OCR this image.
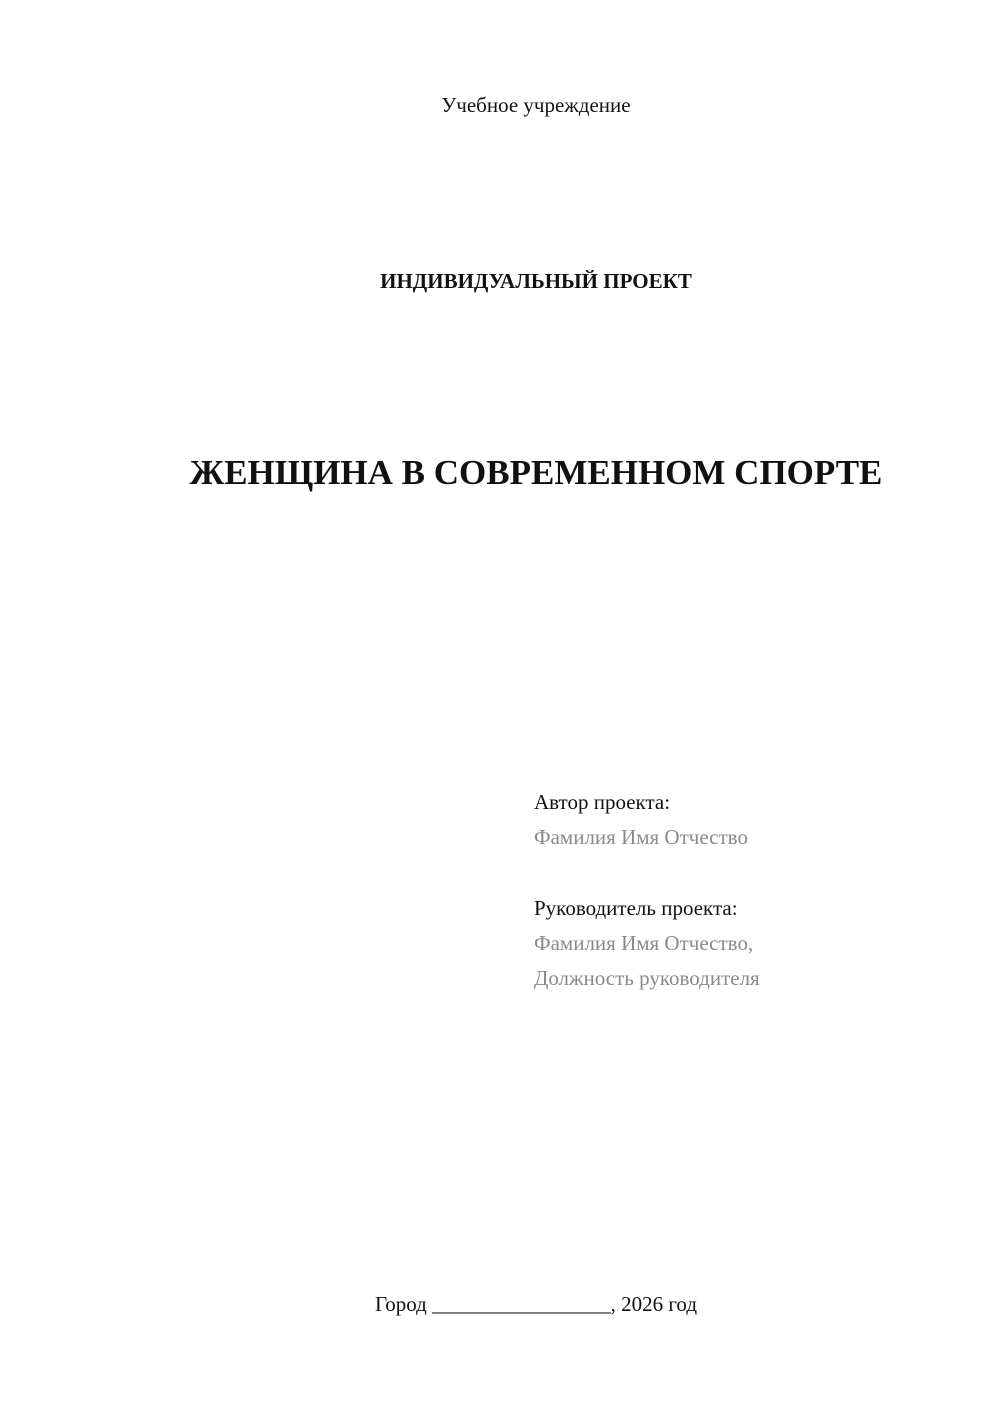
Учебное учреждение
ИНДИВИДУАЛЬНЫЙ ПРОЕКТ
ЖЕНЩИНА В СОВРЕМЕННОМ СПОРТЕ
Автор проекта:
Фамилия Имя Отчество
Руководитель проекта:
Фамилия Имя Отчество,
Должность руководителя
Город _________________, 2026 год
